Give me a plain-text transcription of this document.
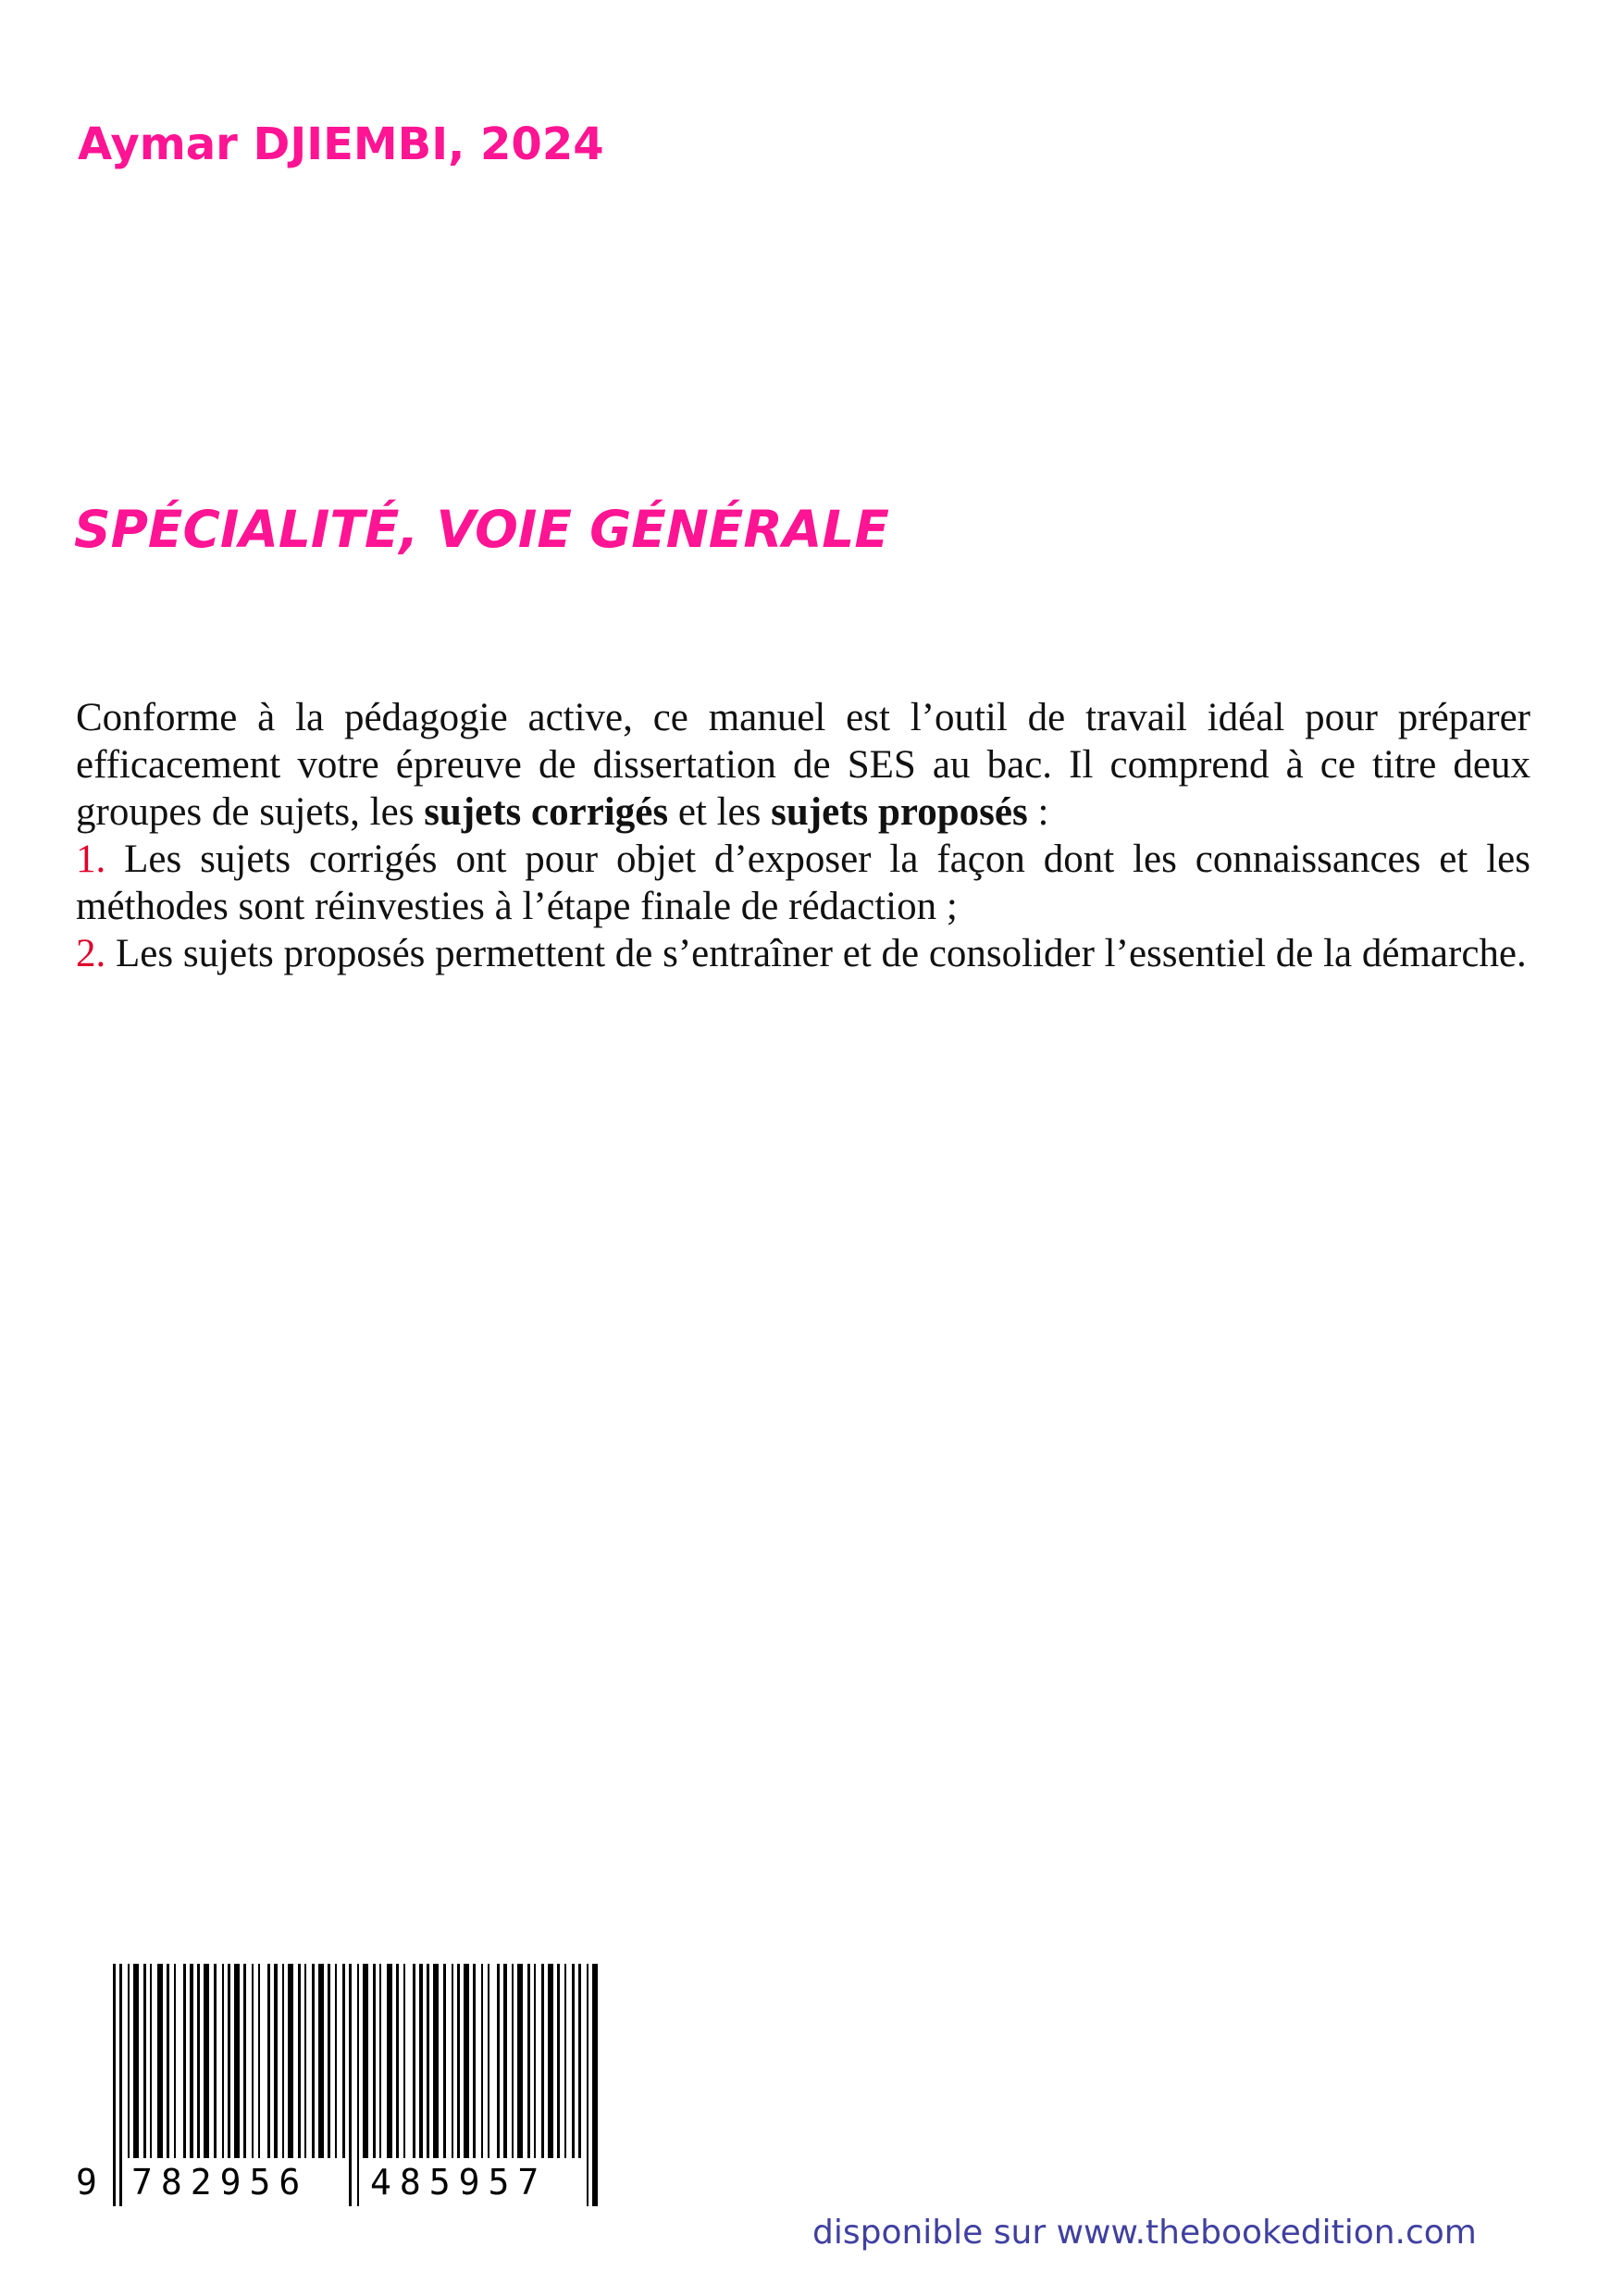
Aymar DJIEMBI, 2024
SPÉCIALITÉ, VOIE GÉNÉRALE

Conforme à la pédagogie active, ce manuel est l’outil de travail idéal pour préparer efficacement votre épreuve de dissertation de SES au bac. Il comprend à ce titre deux groupes de sujets, les sujets corrigés et les sujets proposés :

1. Les sujets corrigés ont pour objet d’exposer la façon dont les connaissances et les méthodes sont réinvesties à l’étape finale de rédaction ;

2. Les sujets proposés permettent de s’entraîner et de consolider l’essentiel de la démarche.

9 782956 485957

disponible sur www.thebookedition.com
